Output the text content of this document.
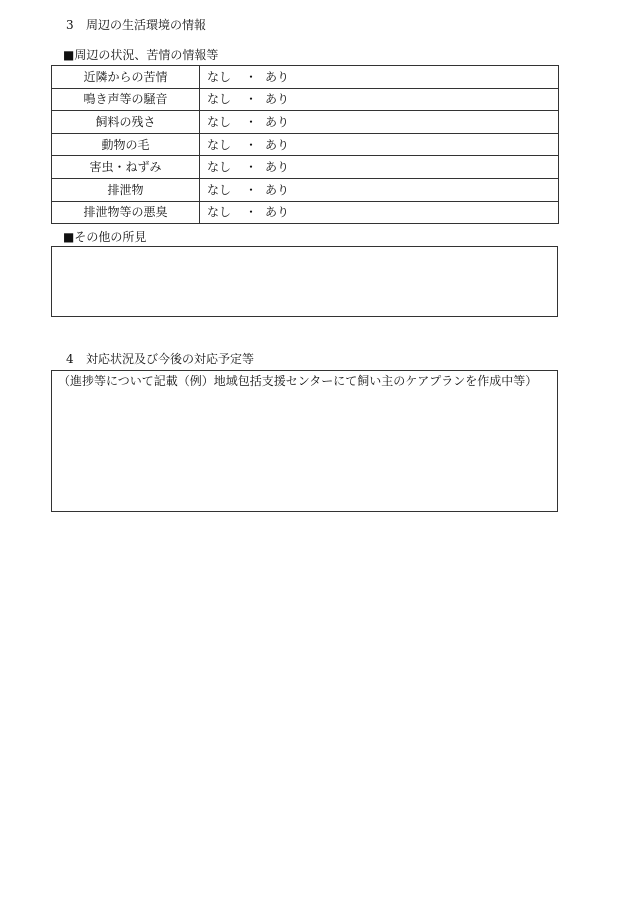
3 周辺の生活環境の情報
■周辺の状況、苦情の情報等
近隣からの苦情	なし ・ あり
鳴き声等の騒音	なし ・ あり
飼料の残さ	なし ・ あり
動物の毛	なし ・ あり
害虫・ねずみ	なし ・ あり
排泄物	なし ・ あり
排泄物等の悪臭	なし ・ あり
■その他の所見
4 対応状況及び今後の対応予定等
（進捗等について記載（例）地域包括支援センターにて飼い主のケアプランを作成中等）
